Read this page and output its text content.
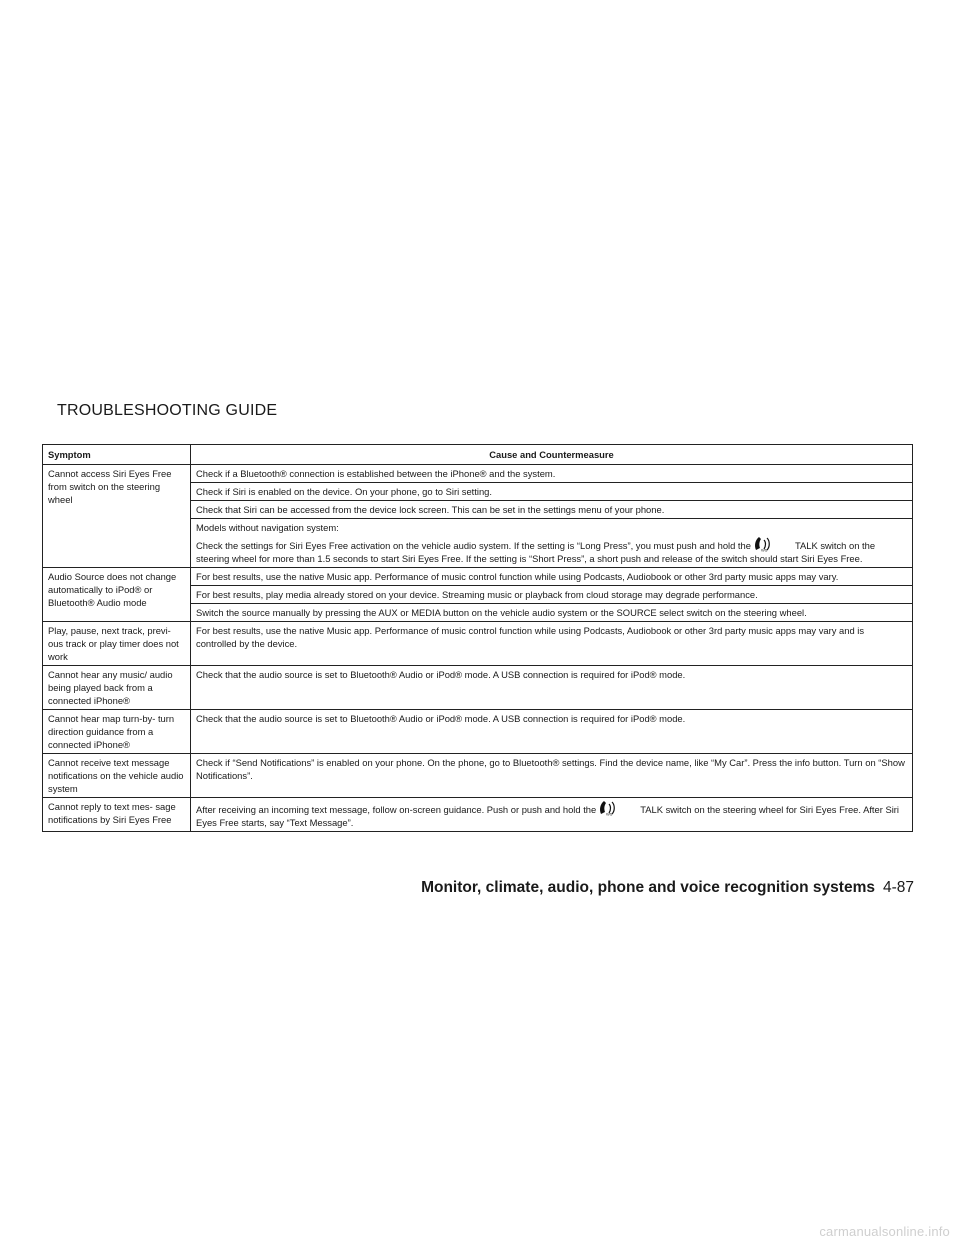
TROUBLESHOOTING GUIDE
Symptom	Cause and Countermeasure
Cannot access Siri Eyes Free from switch on the steering wheel	Check if a Bluetooth® connection is established between the iPhone® and the system.
	Check if Siri is enabled on the device. On your phone, go to Siri setting.
	Check that Siri can be accessed from the device lock screen. This can be set in the settings menu of your phone.
	Models without navigation system:
Check the settings for Siri Eyes Free activation on the vehicle audio system. If the setting is “Long Press”, you must push and hold the WS TALK switch on the steering wheel for more than 1.5 seconds to start Siri Eyes Free. If the setting is “Short Press”, a short push and release of the switch should start Siri Eyes Free.

Audio Source does not change automatically to iPod® or Bluetooth® Audio mode	For best results, use the native Music app. Performance of music control function while using Podcasts, Audiobook or other 3rd party music apps may vary.
	For best results, play media already stored on your device. Streaming music or playback from cloud storage may degrade performance.
	Switch the source manually by pressing the AUX or MEDIA button on the vehicle audio system or the SOURCE select switch on the steering wheel.
Play, pause, next track, previ- ous track or play timer does not work	For best results, use the native Music app. Performance of music control function while using Podcasts, Audiobook or other 3rd party music apps may vary and is controlled by the device.
Cannot hear any music/ audio being played back from a connected iPhone®	Check that the audio source is set to Bluetooth® Audio or iPod® mode. A USB connection is required for iPod® mode.
Cannot hear map turn-by- turn direction guidance from a connected iPhone®	Check that the audio source is set to Bluetooth® Audio or iPod® mode. A USB connection is required for iPod® mode.
Cannot receive text message notifications on the vehicle audio system	Check if “Send Notifications” is enabled on your phone. On the phone, go to Bluetooth® settings. Find the device name, like “My Car”. Press the info button. Turn on “Show Notifications”.
Cannot reply to text mes- sage notifications by Siri Eyes Free	After receiving an incoming text message, follow on-screen guidance. Push or push and hold the WS TALK switch on the steering wheel for Siri Eyes Free. After Siri Eyes Free starts, say “Text Message”.
Monitor, climate, audio, phone and voice recognition systems 4-87
carmanualsonline.info
